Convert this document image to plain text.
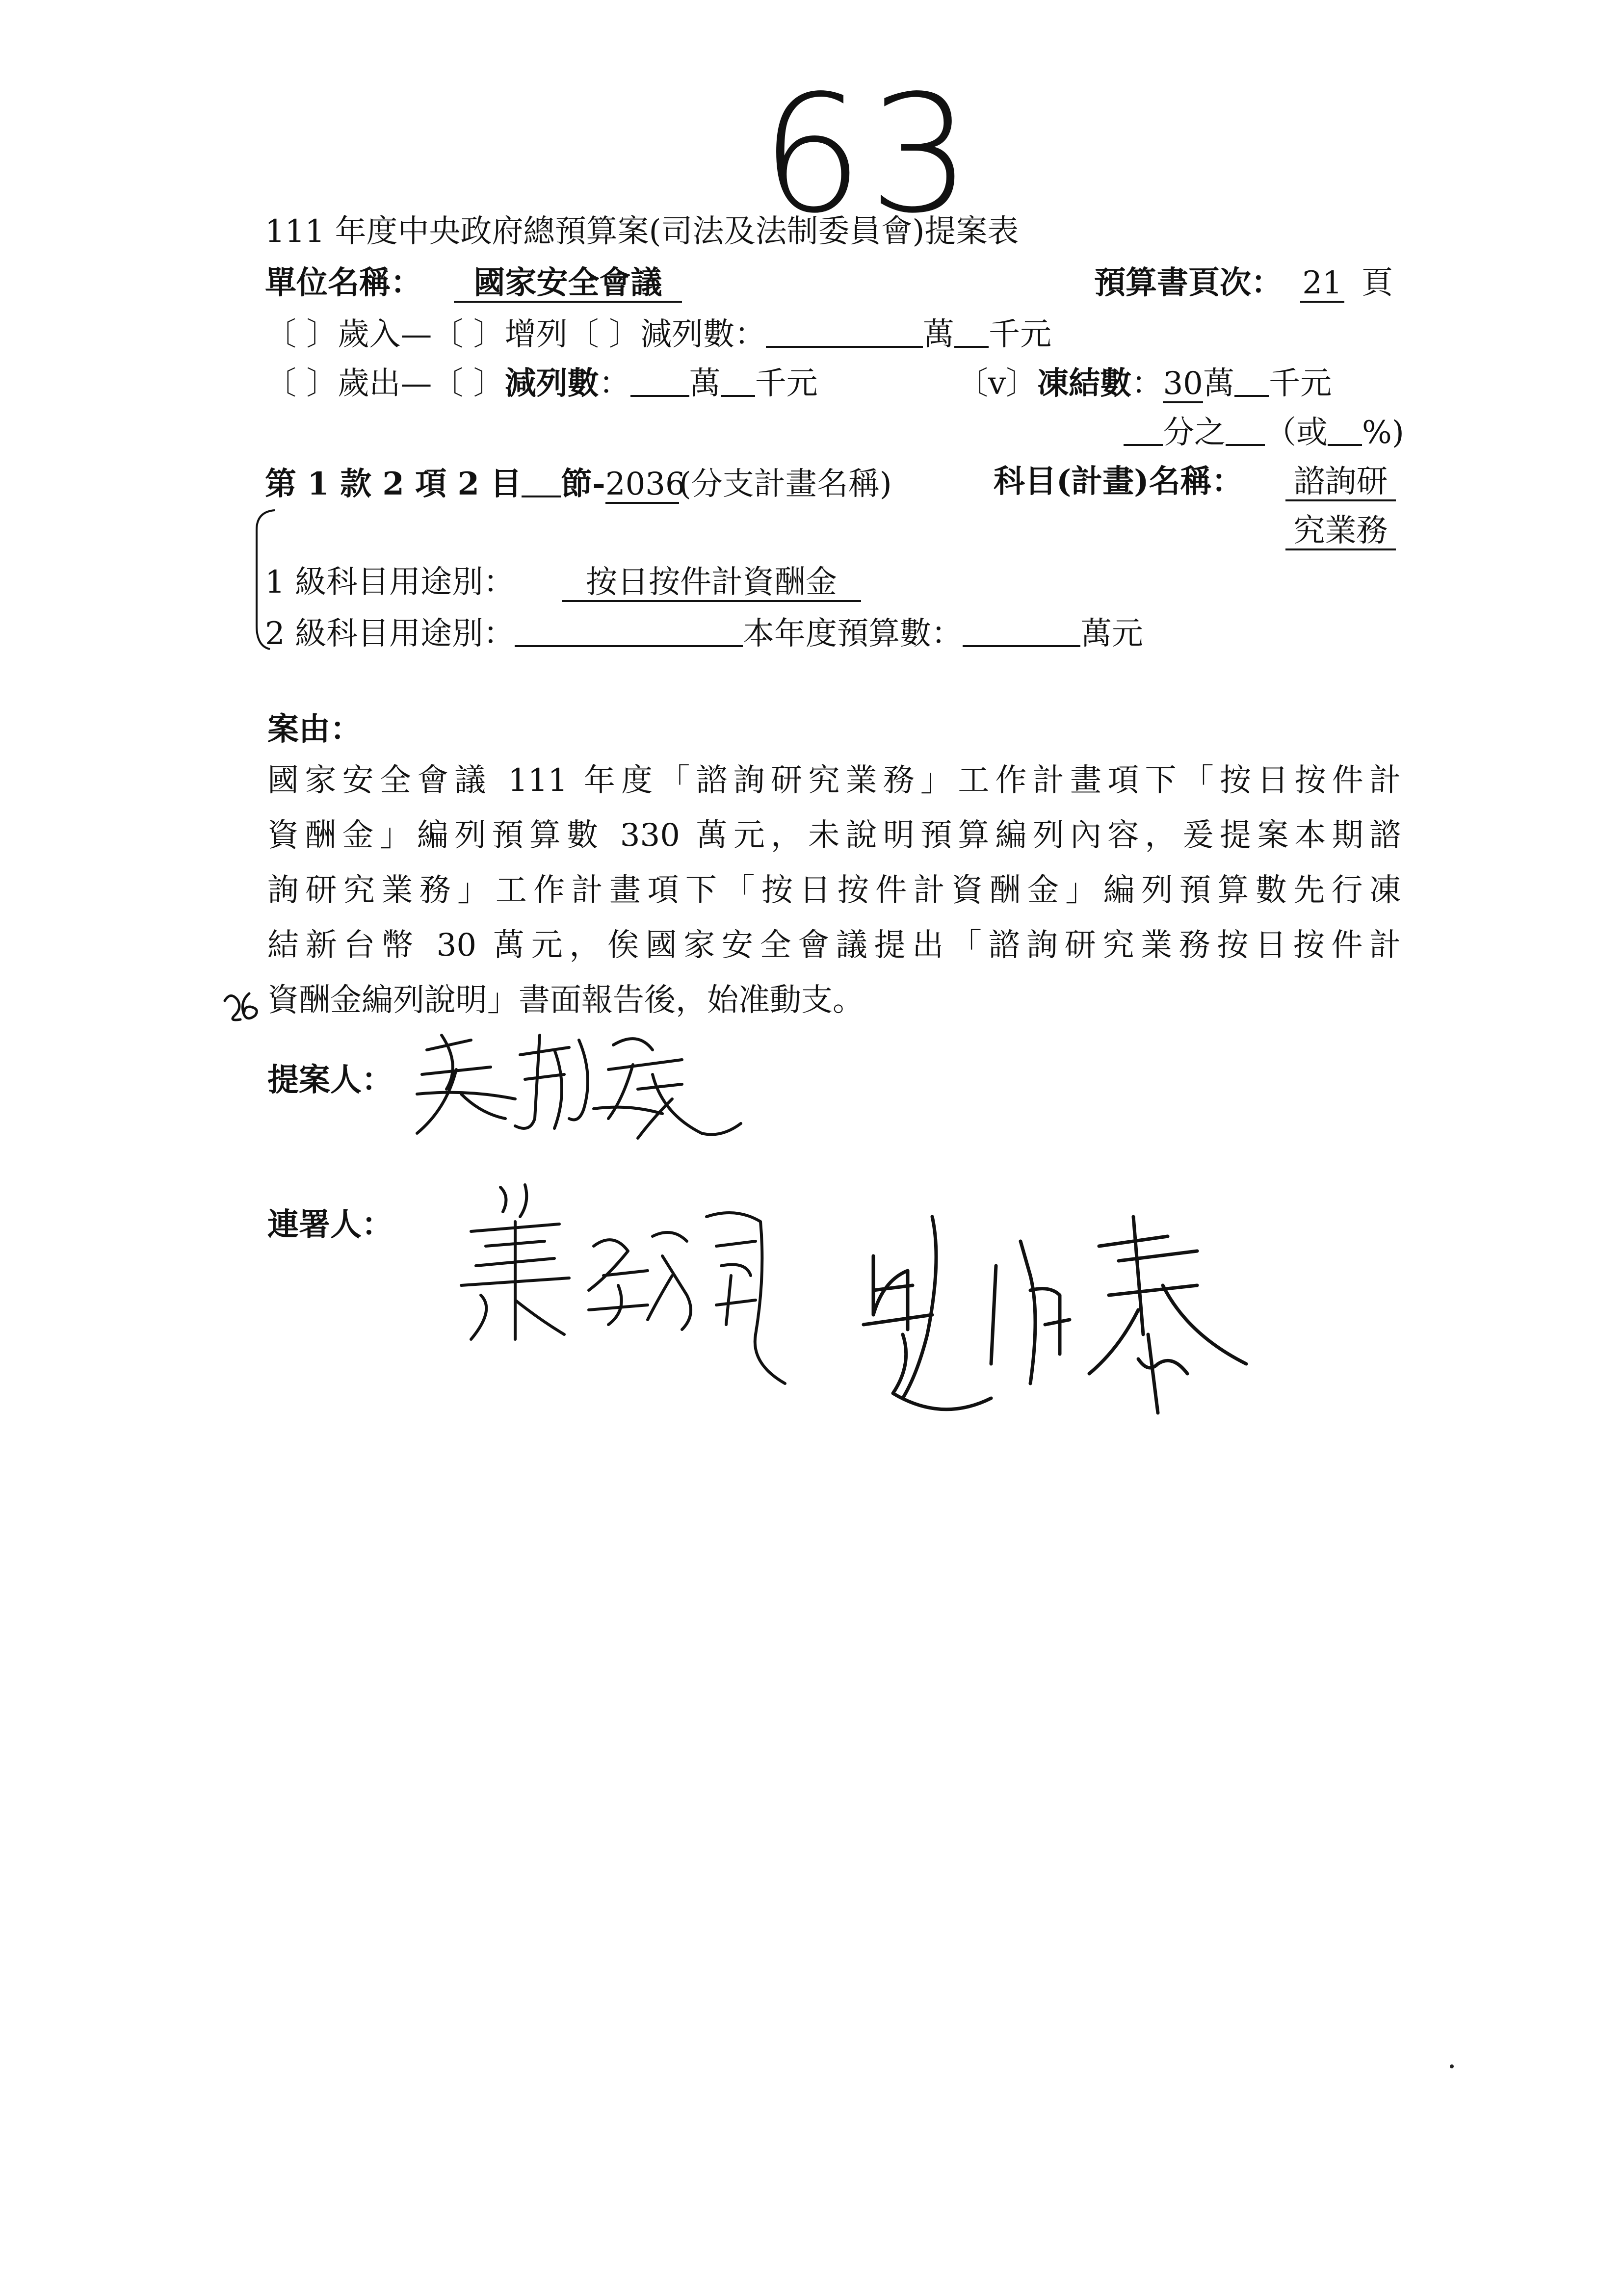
63
111 年度中央政府總預算案(司法及法制委員會)提案表
單位名稱：	國家安全會議	預算書頁次： 21 頁
〔 〕歲入—〔 〕增列〔 〕減列數：	萬 千元
〔 〕歲出—〔 〕減列數： 萬 千元	〔v〕凍結數：30萬 千元
分之 （或 %)
第 1 款 2 項 2 目 節-2036(分支計畫名稱)	科目(計畫)名稱： 諮詢研
究業務
1 級科目用途別：	按日按件計資酬金
2 級科目用途別：	本年度預算數：	萬元
案由：
國家安全會議 111 年度「諮詢研究業務」工作計畫項下「按日按件計
資酬金」編列預算數 330 萬元，未說明預算編列內容，爰提案本期諮
詢研究業務」工作計畫項下「按日按件計資酬金」編列預算數先行凍
結新台幣 30 萬元，俟國家安全會議提出「諮詢研究業務按日按件計
資酬金編列說明」書面報告後，始准動支。
提案人：
連署人：
